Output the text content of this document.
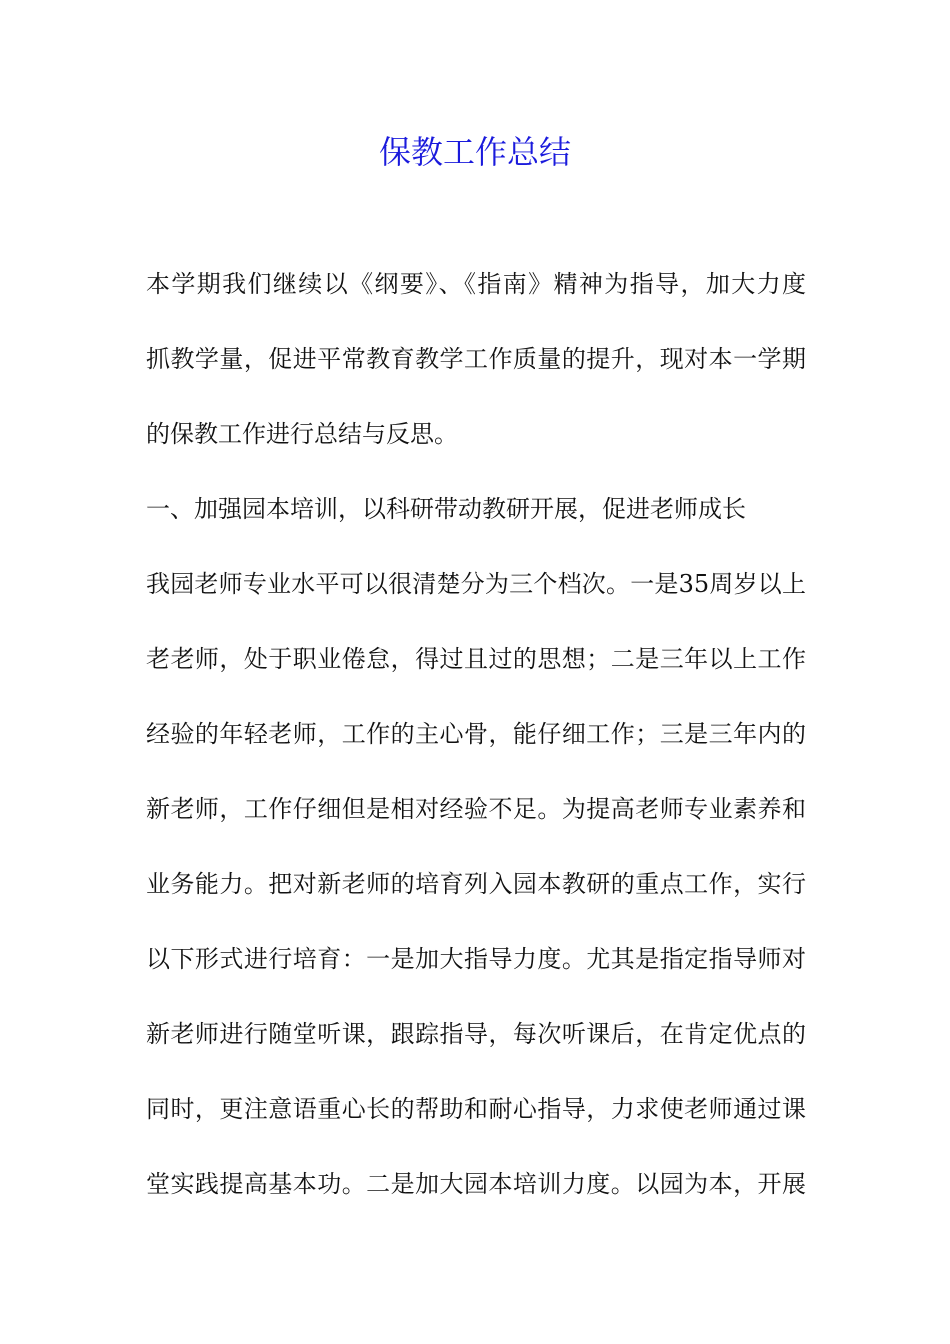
保教工作总结

本学期我们继续以《纲要》、《指南》精神为指导，加大力度

抓教学量，促进平常教育教学工作质量的提升，现对本一学期

的保教工作进行总结与反思。

一、加强园本培训，以科研带动教研开展，促进老师成长

我园老师专业水平可以很清楚分为三个档次。一是35周岁以上

老老师，处于职业倦怠，得过且过的思想；二是三年以上工作

经验的年轻老师，工作的主心骨，能仔细工作；三是三年内的

新老师，工作仔细但是相对经验不足。为提高老师专业素养和

业务能力。把对新老师的培育列入园本教研的重点工作，实行

以下形式进行培育：一是加大指导力度。尤其是指定指导师对

新老师进行随堂听课，跟踪指导，每次听课后，在肯定优点的

同时，更注意语重心长的帮助和耐心指导，力求使老师通过课

堂实践提高基本功。二是加大园本培训力度。以园为本，开展
